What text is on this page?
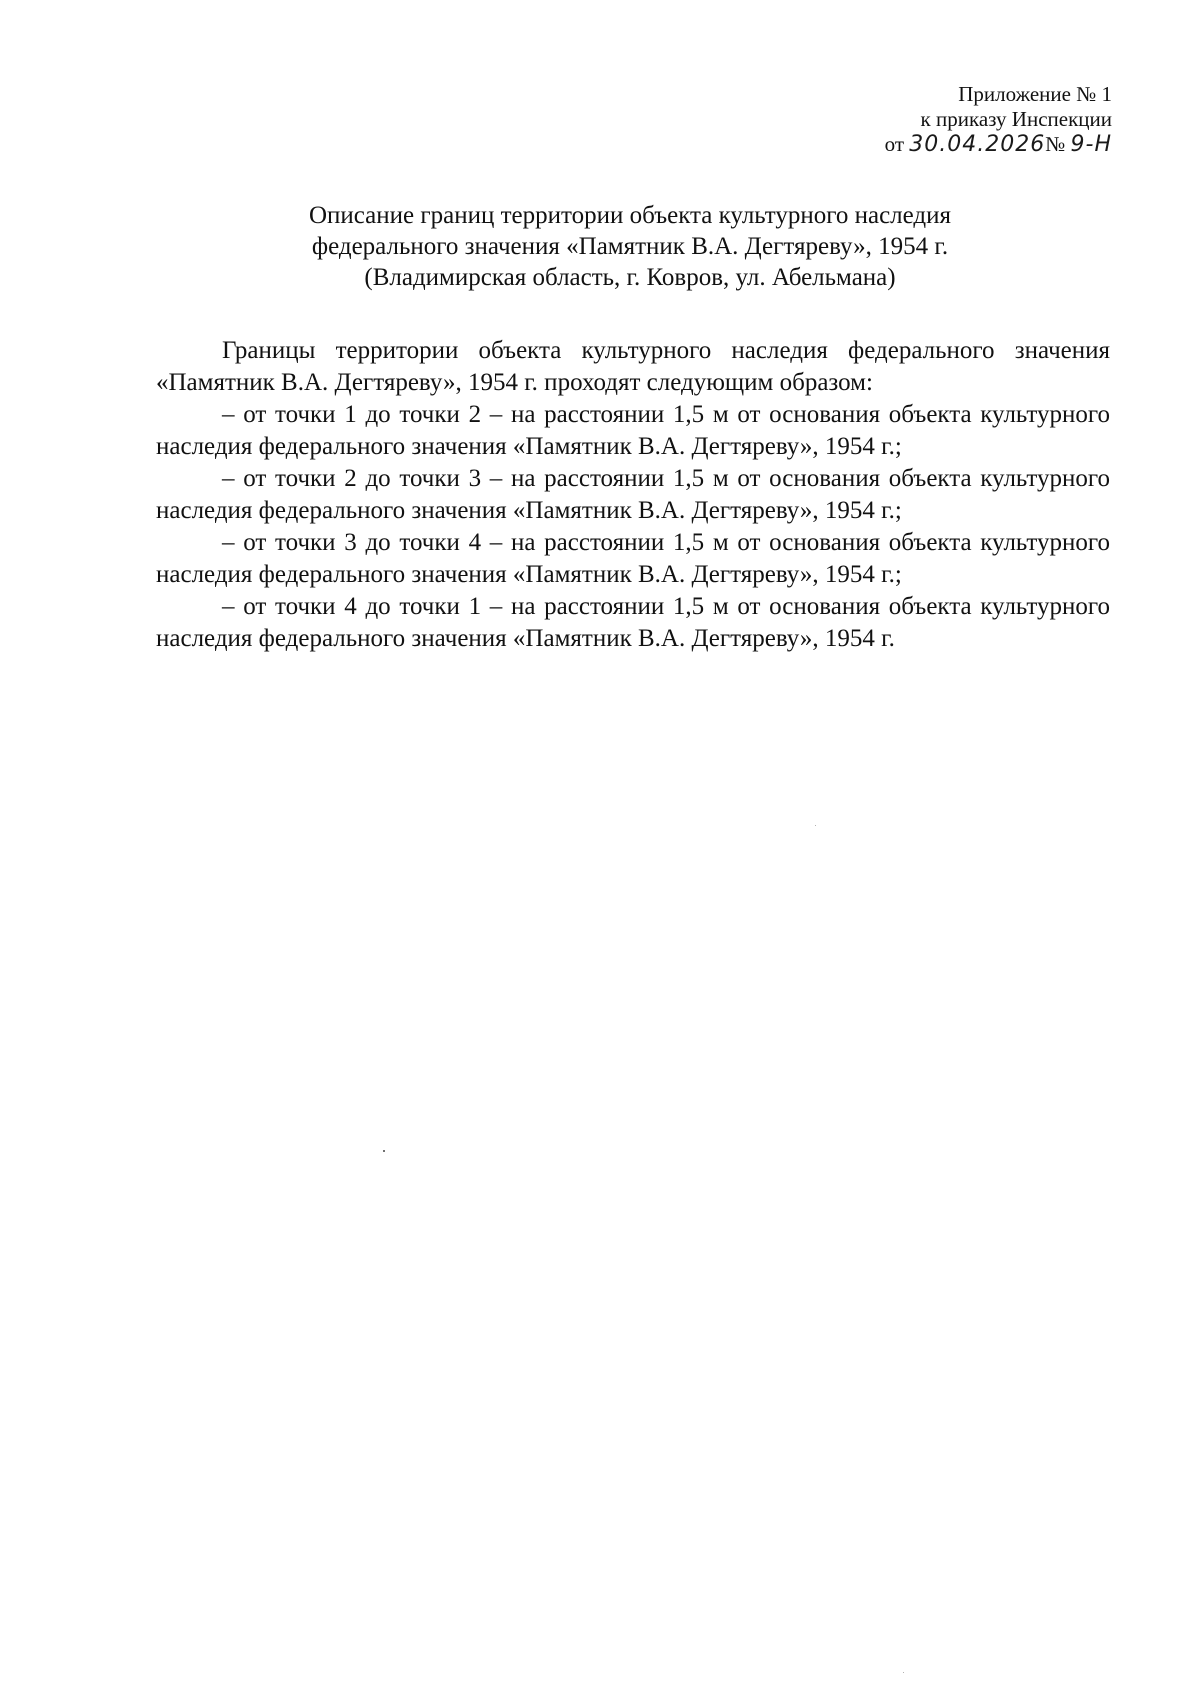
Приложение № 1
к приказу Инспекции
от 30.04.2026№ 9-Н
Описание границ территории объекта культурного наследия
федерального значения «Памятник В.А. Дегтяреву», 1954 г.
(Владимирская область, г. Ковров, ул. Абельмана)

Границы территории объекта культурного наследия федерального значения «Памятник В.А. Дегтяреву», 1954 г. проходят следующим образом:

– от точки 1 до точки 2 – на расстоянии 1,5 м от основания объекта культурного наследия федерального значения «Памятник В.А. Дегтяреву», 1954 г.;

– от точки 2 до точки 3 – на расстоянии 1,5 м от основания объекта культурного наследия федерального значения «Памятник В.А. Дегтяреву», 1954 г.;

– от точки 3 до точки 4 – на расстоянии 1,5 м от основания объекта культурного наследия федерального значения «Памятник В.А. Дегтяреву», 1954 г.;

– от точки 4 до точки 1 – на расстоянии 1,5 м от основания объекта культурного наследия федерального значения «Памятник В.А. Дегтяреву», 1954 г.
